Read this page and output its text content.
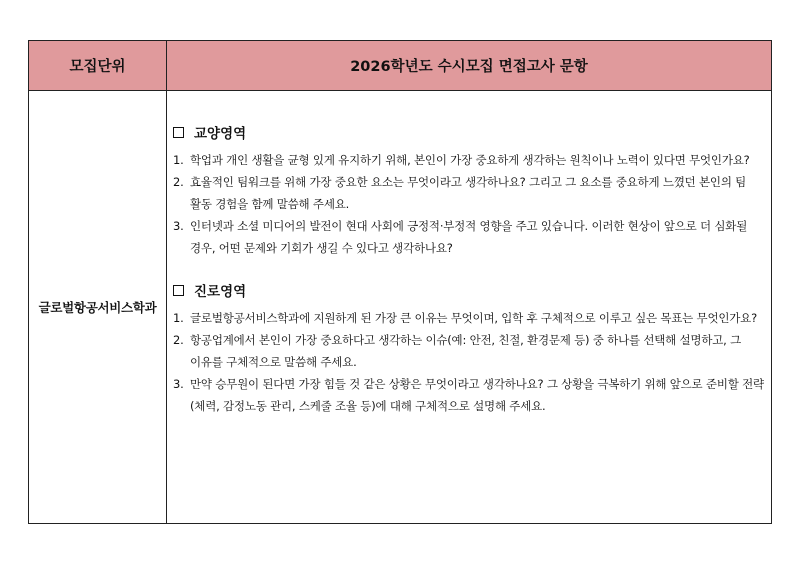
모집단위	2026학년도 수시모집 면접고사 문항
글로벌항공서비스학과
교양영역
1. 학업과 개인 생활을 균형 있게 유지하기 위해, 본인이 가장 중요하게 생각하는 원칙이나 노력이 있다면 무엇인가요?
2. 효율적인 팀워크를 위해 가장 중요한 요소는 무엇이라고 생각하나요? 그리고 그 요소를 중요하게 느꼈던 본인의 팀 활동 경험을 함께 말씀해 주세요.
3. 인터넷과 소셜 미디어의 발전이 현대 사회에 긍정적·부정적 영향을 주고 있습니다. 이러한 현상이 앞으로 더 심화될 경우, 어떤 문제와 기회가 생길 수 있다고 생각하나요?
진로영역
1. 글로벌항공서비스학과에 지원하게 된 가장 큰 이유는 무엇이며, 입학 후 구체적으로 이루고 싶은 목표는 무엇인가요?
2. 항공업계에서 본인이 가장 중요하다고 생각하는 이슈(예: 안전, 친절, 환경문제 등) 중 하나를 선택해 설명하고, 그 이유를 구체적으로 말씀해 주세요.
3. 만약 승무원이 된다면 가장 힘들 것 같은 상황은 무엇이라고 생각하나요? 그 상황을 극복하기 위해 앞으로 준비할 전략(체력, 감정노동 관리, 스케줄 조율 등)에 대해 구체적으로 설명해 주세요.
